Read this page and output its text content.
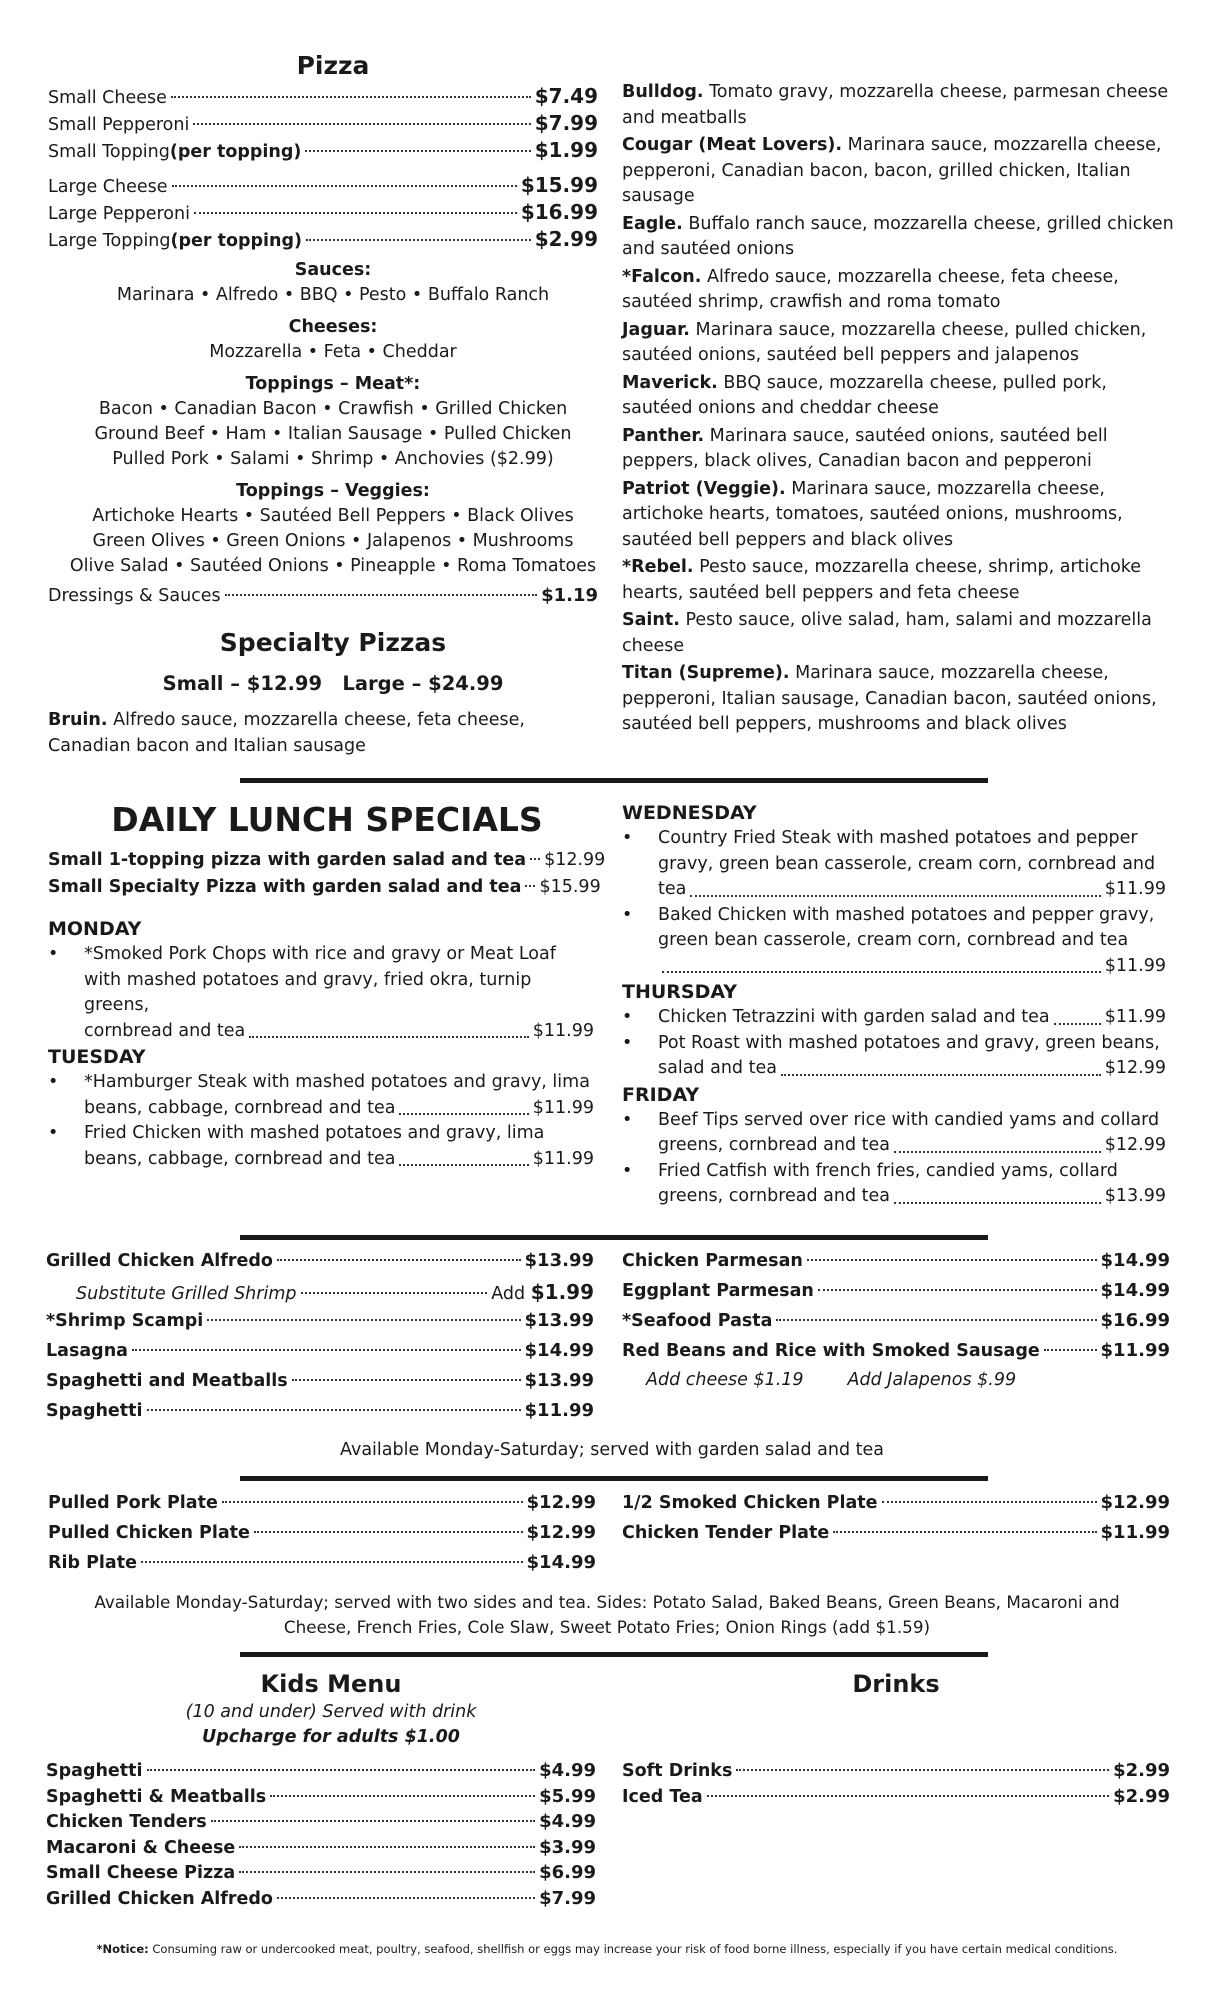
Pizza
Small Cheese	$7.49
Small Pepperoni	$7.99
Small Topping (per topping)	$1.99
Large Cheese	$15.99
Large Pepperoni	$16.99
Large Topping (per topping)	$2.99
Sauces:
Marinara • Alfredo • BBQ • Pesto • Buffalo Ranch
Cheeses:
Mozzarella • Feta • Cheddar
Toppings – Meat*:
Bacon • Canadian Bacon • Crawfish • Grilled Chicken
Ground Beef • Ham • Italian Sausage • Pulled Chicken
Pulled Pork • Salami • Shrimp • Anchovies ($2.99)
Toppings – Veggies:
Artichoke Hearts • Sautéed Bell Peppers • Black Olives
Green Olives • Green Onions • Jalapenos • Mushrooms
Olive Salad • Sautéed Onions • Pineapple • Roma Tomatoes
Dressings & Sauces	$1.19
Specialty Pizzas
Small – $12.99   Large – $24.99
Bruin. Alfredo sauce, mozzarella cheese, feta cheese, Canadian bacon and Italian sausage
Bulldog. Tomato gravy, mozzarella cheese, parmesan cheese and meatballs
Cougar (Meat Lovers). Marinara sauce, mozzarella cheese, pepperoni, Canadian bacon, bacon, grilled chicken, Italian sausage
Eagle. Buffalo ranch sauce, mozzarella cheese, grilled chicken and sautéed onions
*Falcon. Alfredo sauce, mozzarella cheese, feta cheese, sautéed shrimp, crawfish and roma tomato
Jaguar. Marinara sauce, mozzarella cheese, pulled chicken, sautéed onions, sautéed bell peppers and jalapenos
Maverick. BBQ sauce, mozzarella cheese, pulled pork, sautéed onions and cheddar cheese
Panther. Marinara sauce, sautéed onions, sautéed bell peppers, black olives, Canadian bacon and pepperoni
Patriot (Veggie). Marinara sauce, mozzarella cheese, artichoke hearts, tomatoes, sautéed onions, mushrooms, sautéed bell peppers and black olives
*Rebel. Pesto sauce, mozzarella cheese, shrimp, artichoke hearts, sautéed bell peppers and feta cheese
Saint. Pesto sauce, olive salad, ham, salami and mozzarella cheese
Titan (Supreme). Marinara sauce, mozzarella cheese, pepperoni, Italian sausage, Canadian bacon, sautéed onions, sautéed bell peppers, mushrooms and black olives
DAILY LUNCH SPECIALS
Small 1-topping pizza with garden salad and tea $12.99
Small Specialty Pizza with garden salad and tea $15.99
MONDAY
•	*Smoked Pork Chops with rice and gravy or Meat Loaf
with mashed potatoes and gravy, fried okra, turnip greens,
cornbread and tea	$11.99
TUESDAY
•	*Hamburger Steak with mashed potatoes and gravy, lima
beans, cabbage, cornbread and tea	$11.99
•	Fried Chicken with mashed potatoes and gravy, lima
beans, cabbage, cornbread and tea	$11.99
WEDNESDAY
•	Country Fried Steak with mashed potatoes and pepper
gravy, green bean casserole, cream corn, cornbread and
tea	$11.99
•	Baked Chicken with mashed potatoes and pepper gravy,
green bean casserole, cream corn, cornbread and tea
$11.99
THURSDAY
•	Chicken Tetrazzini with garden salad and tea	$11.99
•	Pot Roast with mashed potatoes and gravy, green beans,
salad and tea	$12.99
FRIDAY
•	Beef Tips served over rice with candied yams and collard
greens, cornbread and tea	$12.99
•	Fried Catfish with french fries, candied yams, collard
greens, cornbread and tea	$13.99
Grilled Chicken Alfredo	$13.99
Substitute Grilled Shrimp	Add
$1.99
*Shrimp Scampi	$13.99
Lasagna	$14.99
Spaghetti and Meatballs	$13.99
Spaghetti	$11.99
Chicken Parmesan	$14.99
Eggplant Parmesan	$14.99
*Seafood Pasta	$16.99
Red Beans and Rice with Smoked Sausage	$11.99
Add cheese $1.19	Add Jalapenos $.99
Available Monday-Saturday; served with garden salad and tea
Pulled Pork Plate	$12.99
Pulled Chicken Plate	$12.99
Rib Plate	$14.99
1/2 Smoked Chicken Plate	$12.99
Chicken Tender Plate	$11.99
Available Monday-Saturday; served with two sides and tea. Sides: Potato Salad, Baked Beans, Green Beans, Macaroni and
Cheese, French Fries, Cole Slaw, Sweet Potato Fries; Onion Rings (add $1.59)
Kids Menu
(10 and under) Served with drink
Upcharge for adults $1.00
Spaghetti	$4.99
Spaghetti & Meatballs	$5.99
Chicken Tenders	$4.99
Macaroni & Cheese	$3.99
Small Cheese Pizza	$6.99
Grilled Chicken Alfredo	$7.99
Drinks
Soft Drinks	$2.99
Iced Tea	$2.99
*Notice: Consuming raw or undercooked meat, poultry, seafood, shellfish or eggs may increase your risk of food borne illness, especially if you have certain medical conditions.
